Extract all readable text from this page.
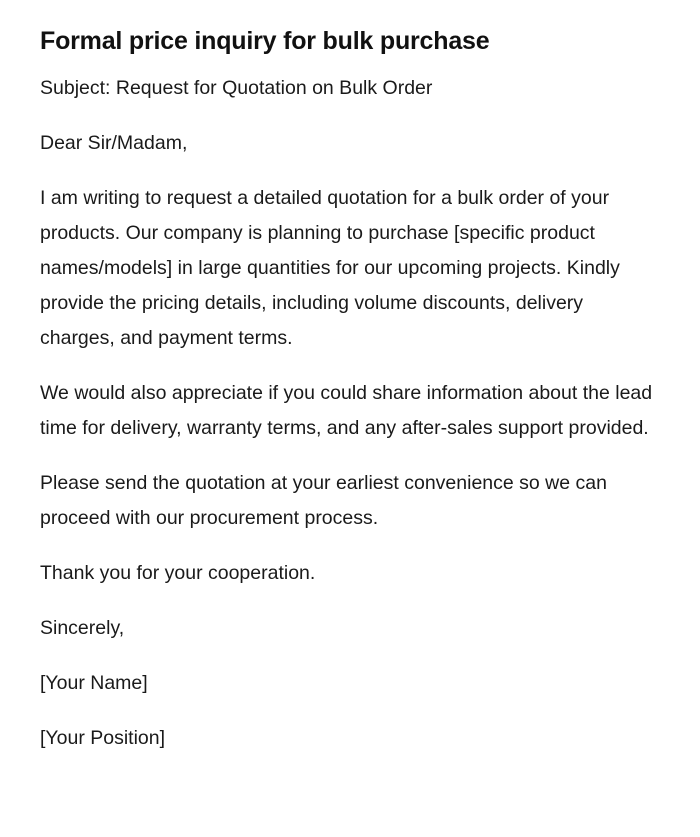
Formal price inquiry for bulk purchase

Subject: Request for Quotation on Bulk Order

Dear Sir/Madam,

I am writing to request a detailed quotation for a bulk order of your products. Our company is planning to purchase [specific product names/models] in large quantities for our upcoming projects. Kindly provide the pricing details, including volume discounts, delivery charges, and payment terms.

We would also appreciate if you could share information about the lead time for delivery, warranty terms, and any after-sales support provided.

Please send the quotation at your earliest convenience so we can proceed with our procurement process.

Thank you for your cooperation.

Sincerely,

[Your Name]

[Your Position]
